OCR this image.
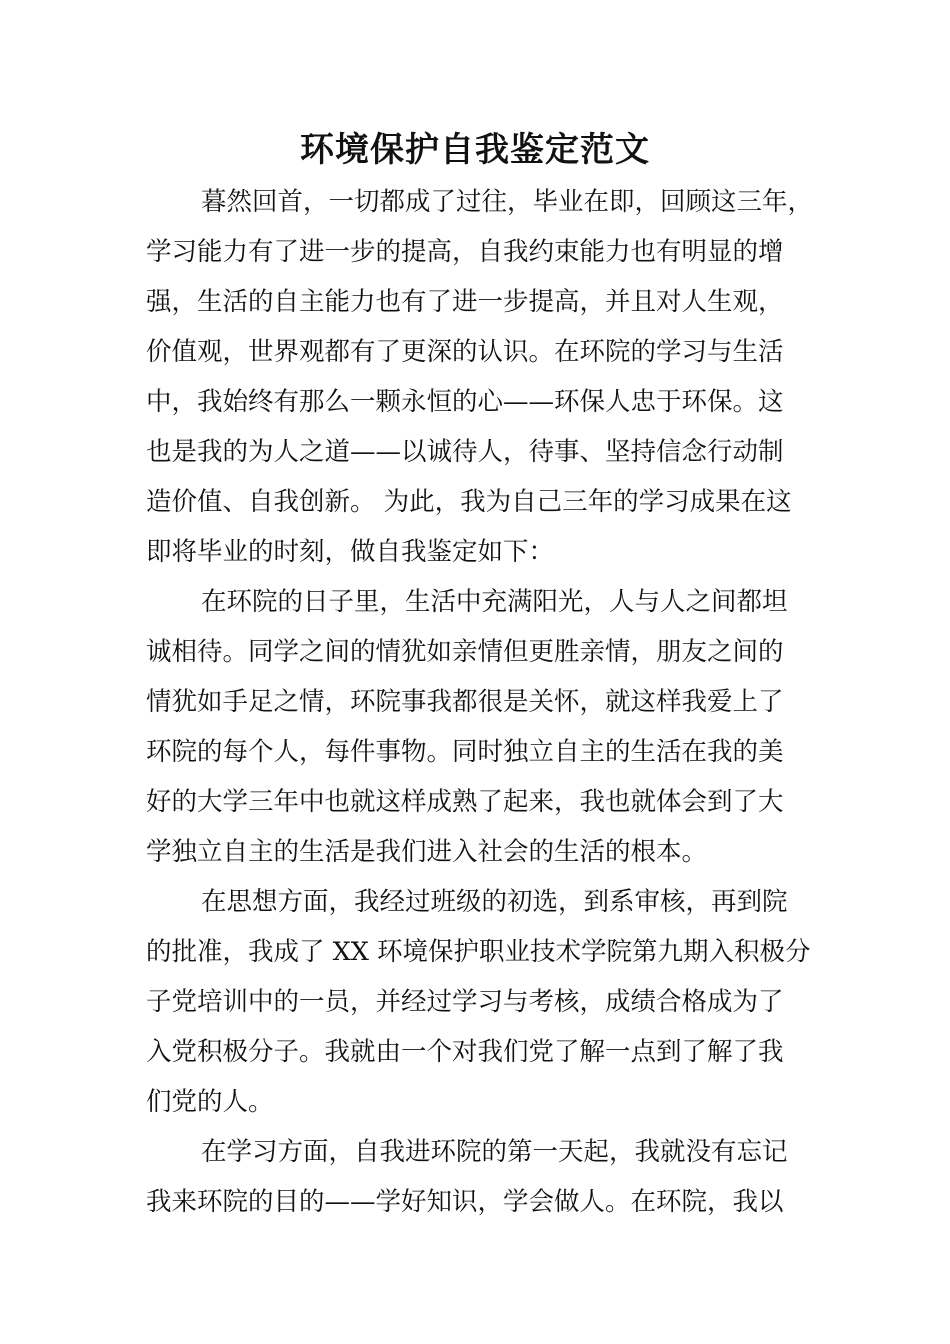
环境保护自我鉴定范文
暮然回首，一切都成了过往，毕业在即，回顾这三年，
学习能力有了进一步的提高，自我约束能力也有明显的增
强，生活的自主能力也有了进一步提高，并且对人生观，
价值观，世界观都有了更深的认识。在环院的学习与生活
中，我始终有那么一颗永恒的心——环保人忠于环保。这
也是我的为人之道——以诚待人，待事、坚持信念行动制
造价值、自我创新。 为此，我为自己三年的学习成果在这
即将毕业的时刻，做自我鉴定如下：
在环院的日子里，生活中充满阳光，人与人之间都坦
诚相待。同学之间的情犹如亲情但更胜亲情，朋友之间的
情犹如手足之情，环院事我都很是关怀，就这样我爱上了
环院的每个人，每件事物。同时独立自主的生活在我的美
好的大学三年中也就这样成熟了起来，我也就体会到了大
学独立自主的生活是我们进入社会的生活的根本。
在思想方面，我经过班级的初选，到系审核，再到院
的批准，我成了 XX 环境保护职业技术学院第九期入积极分
子党培训中的一员，并经过学习与考核，成绩合格成为了
入党积极分子。我就由一个对我们党了解一点到了解了我
们党的人。
在学习方面，自我进环院的第一天起，我就没有忘记
我来环院的目的——学好知识，学会做人。在环院，我以
